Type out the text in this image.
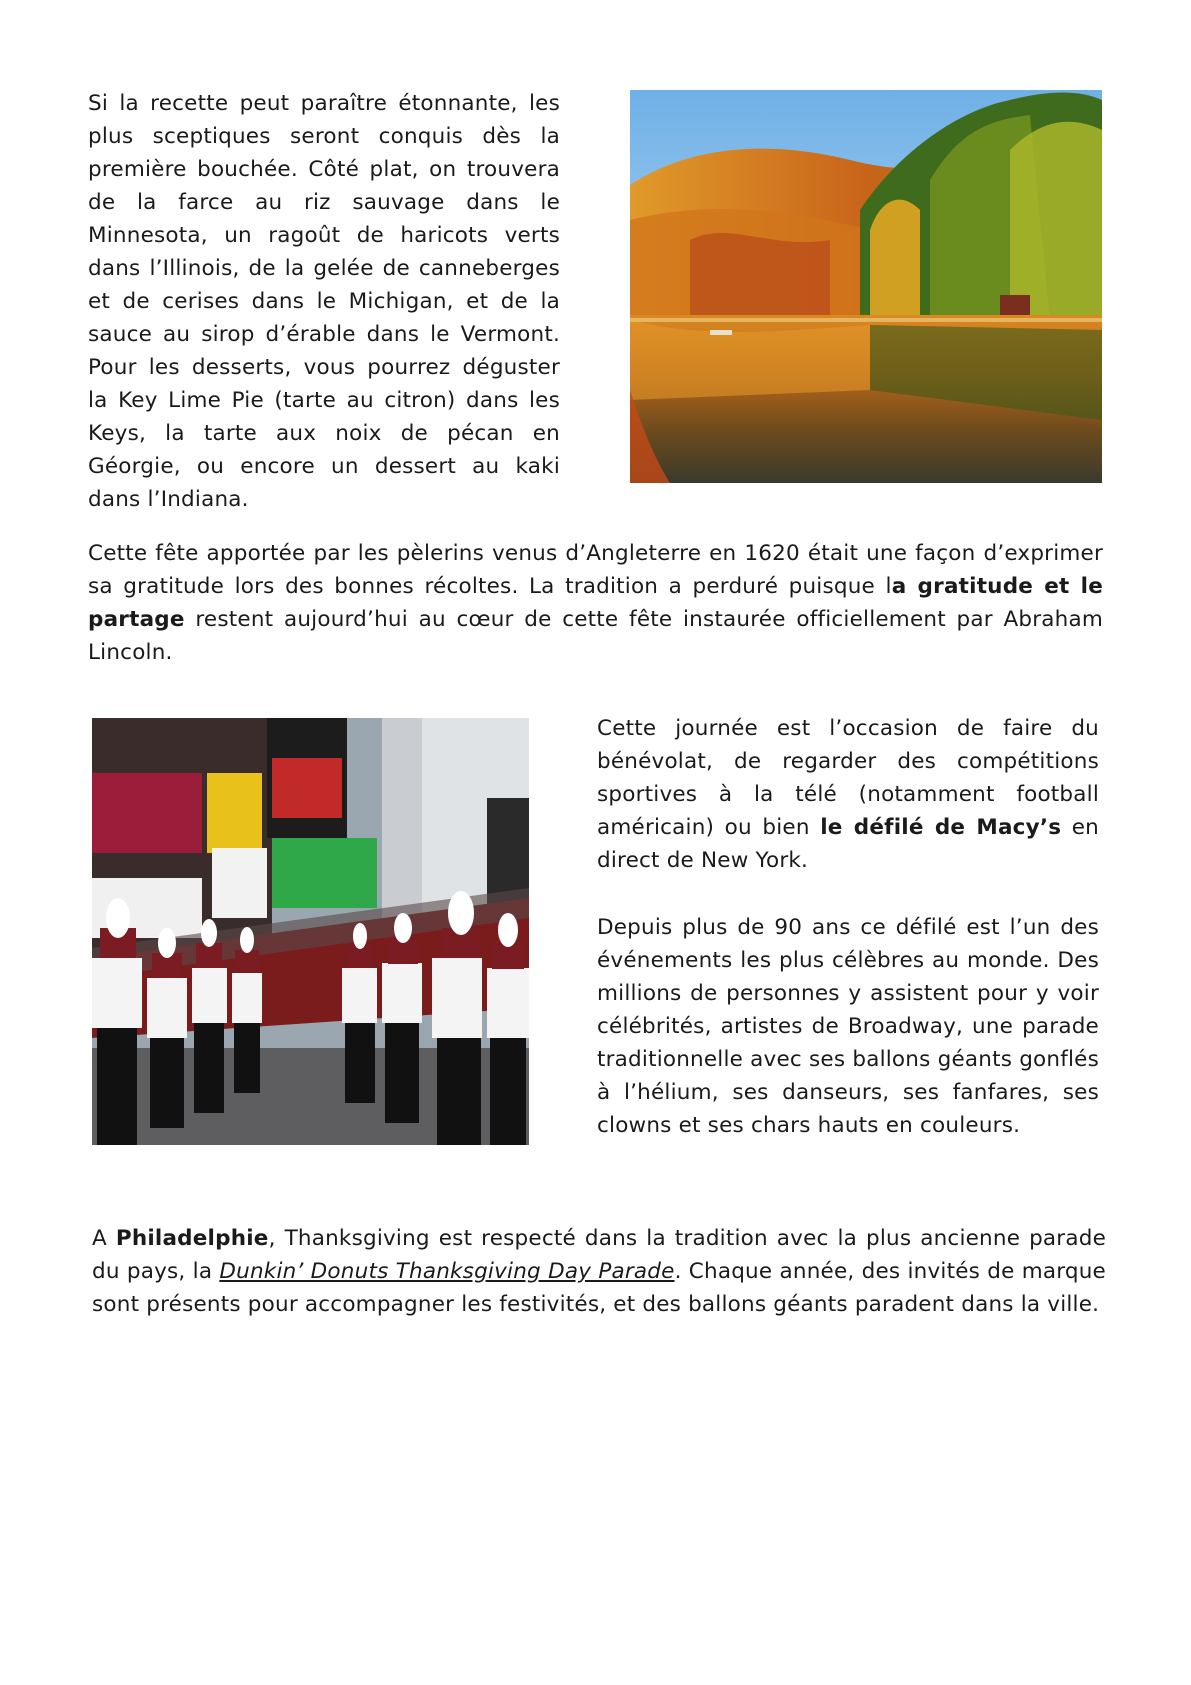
Si la recette peut paraître étonnante, les plus sceptiques seront conquis dès la première bouchée. Côté plat, on trouvera de la farce au riz sauvage dans le Minnesota, un ragoût de haricots verts dans l’Illinois, de la gelée de canneberges et de cerises dans le Michigan, et de la sauce au sirop d’érable dans le Vermont. Pour les desserts, vous pourrez déguster la Key Lime Pie (tarte au citron) dans les Keys, la tarte aux noix de pécan en Géorgie, ou encore un dessert au kaki dans l’Indiana.

Cette fête apportée par les pèlerins venus d’Angleterre en 1620 était une façon d’exprimer sa gratitude lors des bonnes récoltes. La tradition a perduré puisque la gratitude et le partage restent aujourd’hui au cœur de cette fête instaurée officiellement par Abraham Lincoln.

Cette journée est l’occasion de faire du bénévolat, de regarder des compétitions sportives à la télé (notamment football américain) ou bien le défilé de Macy’s en direct de New York.

Depuis plus de 90 ans ce défilé est l’un des événements les plus célèbres au monde. Des millions de personnes y assistent pour y voir célébrités, artistes de Broadway, une parade traditionnelle avec ses ballons géants gonflés à l’hélium, ses danseurs, ses fanfares, ses clowns et ses chars hauts en couleurs.

A Philadelphie, Thanksgiving est respecté dans la tradition avec la plus ancienne parade du pays, la Dunkin’ Donuts Thanksgiving Day Parade. Chaque année, des invités de marque sont présents pour accompagner les festivités, et des ballons géants paradent dans la ville.
